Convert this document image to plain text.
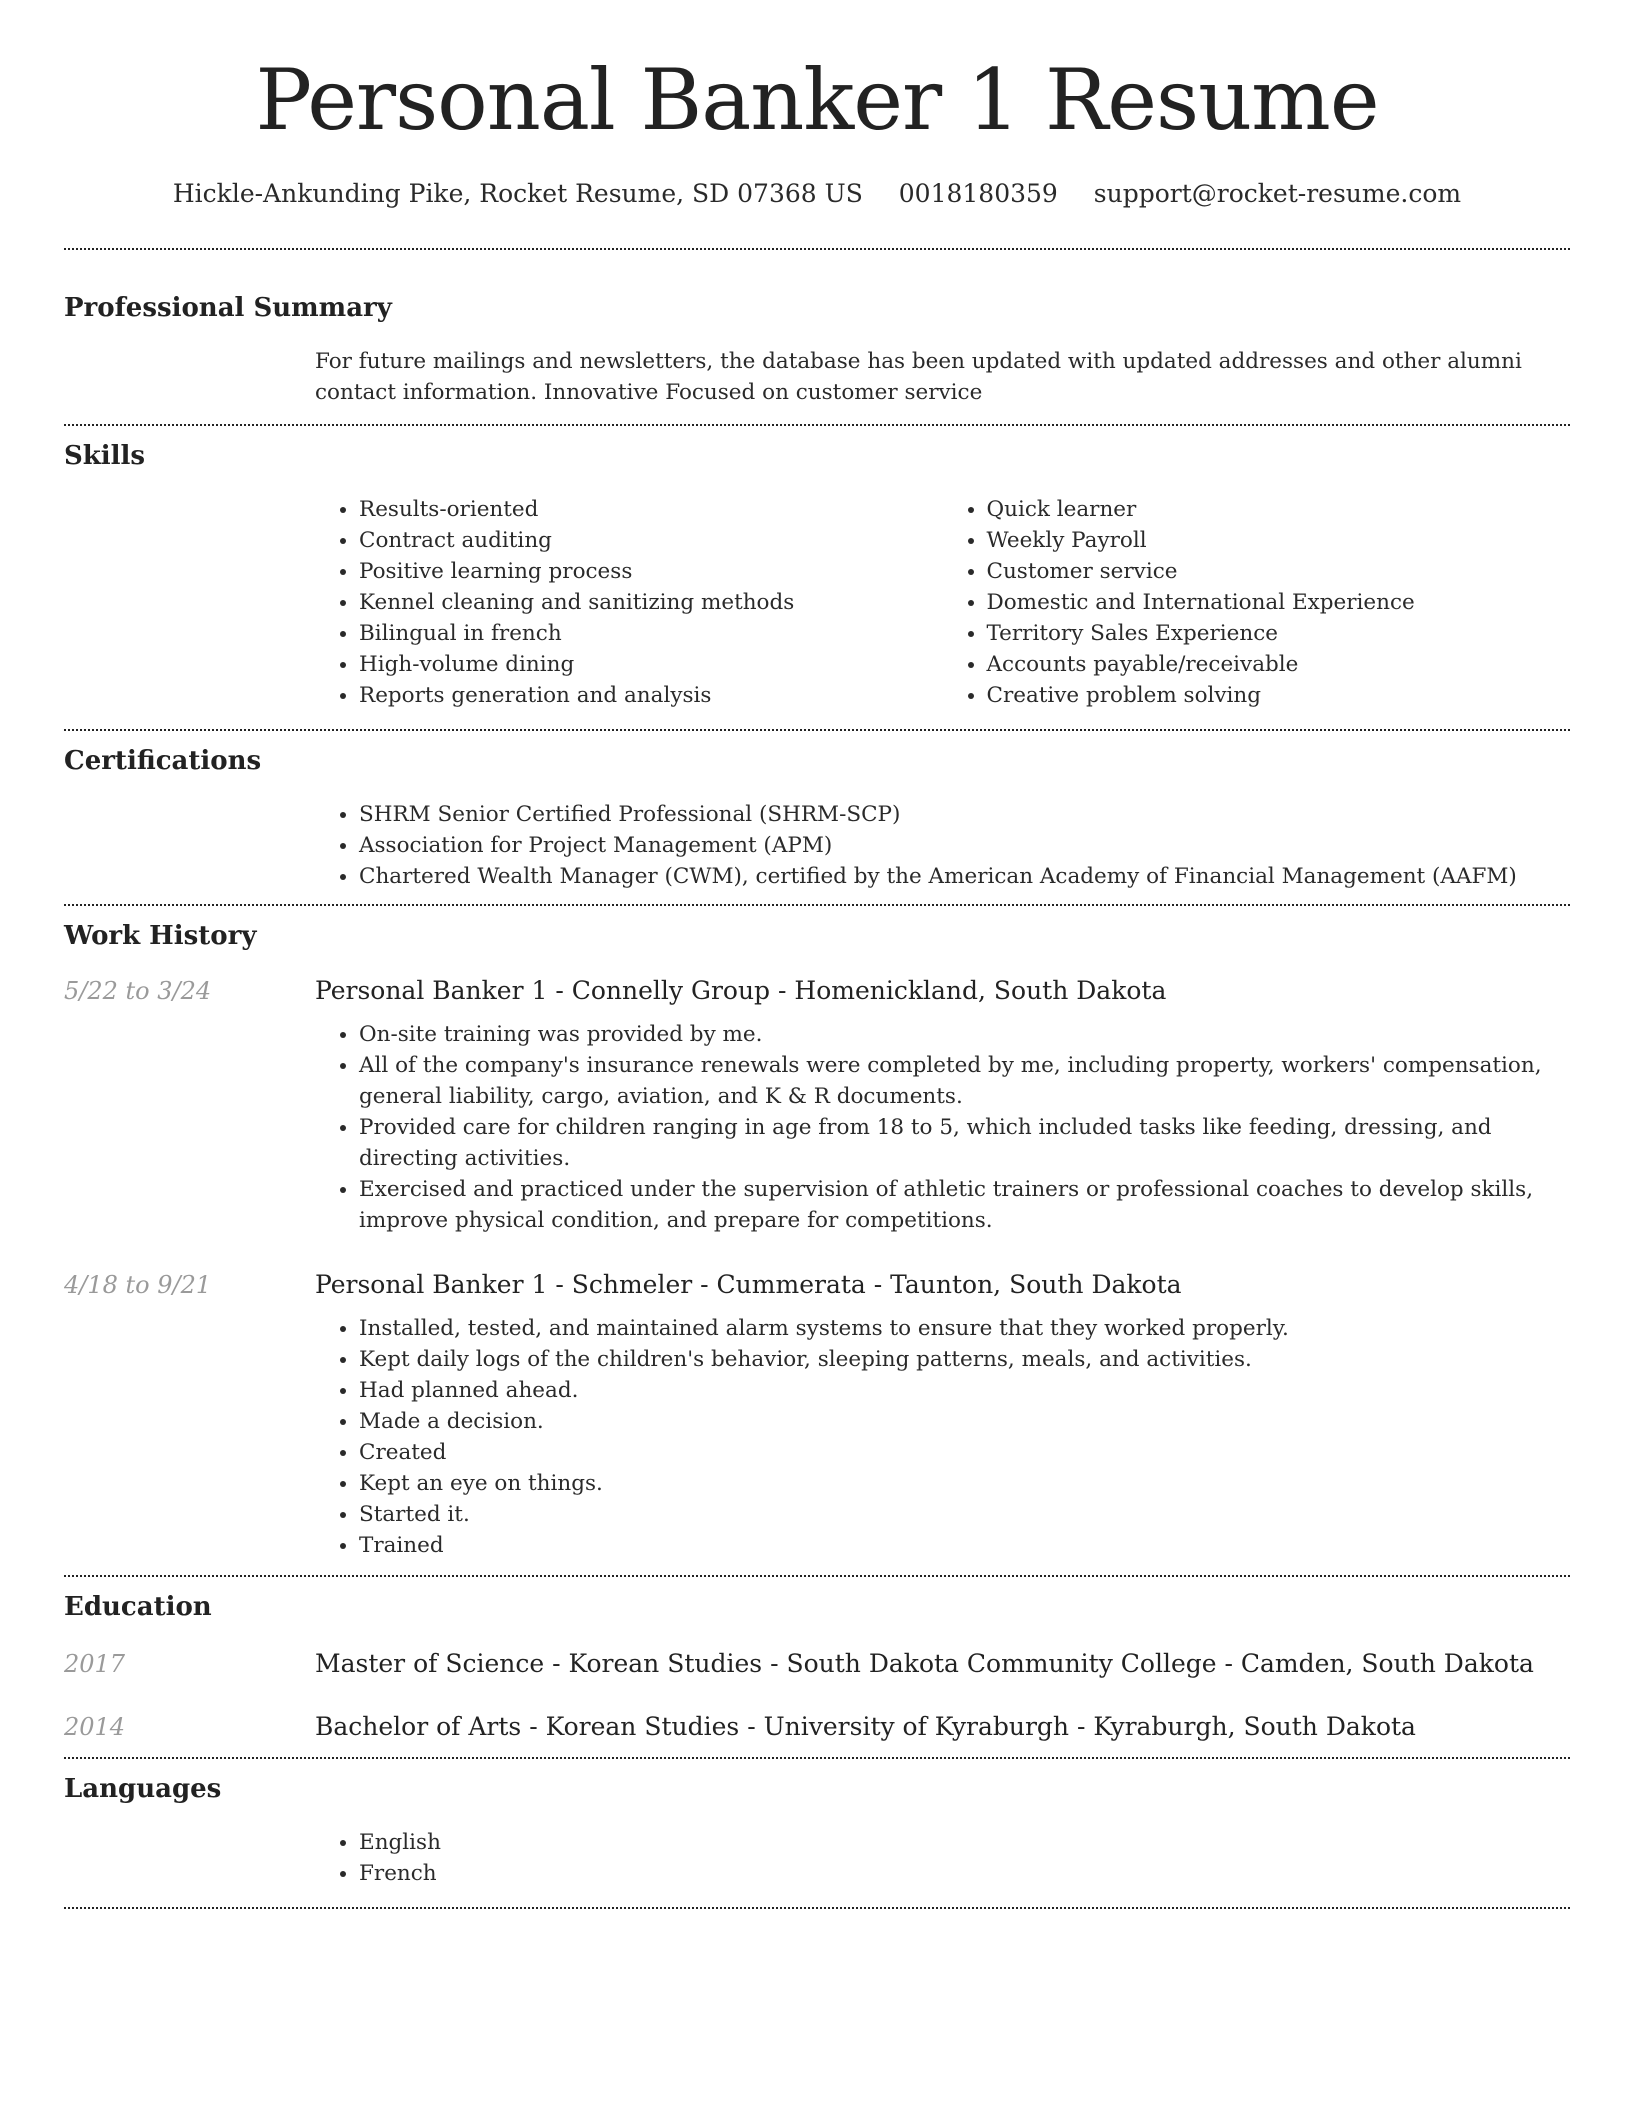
Personal Banker 1 Resume
Hickle-Ankunding Pike, Rocket Resume, SD 07368 US 0018180359 support@rocket-resume.com
Professional Summary
For future mailings and newsletters, the database has been updated with updated addresses and other alumni contact information. Innovative Focused on customer service
Skills
• Results-oriented
• Contract auditing
• Positive learning process
• Kennel cleaning and sanitizing methods
• Bilingual in french
• High-volume dining
• Reports generation and analysis
• Quick learner
• Weekly Payroll
• Customer service
• Domestic and International Experience
• Territory Sales Experience
• Accounts payable/receivable
• Creative problem solving
Certifications
• SHRM Senior Certified Professional (SHRM-SCP)
• Association for Project Management (APM)
• Chartered Wealth Manager (CWM), certified by the American Academy of Financial Management (AAFM)
Work History
5/22 to 3/24	Personal Banker 1 - Connelly Group - Homenickland, South Dakota
• On-site training was provided by me.
• All of the company's insurance renewals were completed by me, including property, workers' compensation, general liability, cargo, aviation, and K & R documents.
• Provided care for children ranging in age from 18 to 5, which included tasks like feeding, dressing, and directing activities.
• Exercised and practiced under the supervision of athletic trainers or professional coaches to develop skills, improve physical condition, and prepare for competitions.
4/18 to 9/21	Personal Banker 1 - Schmeler - Cummerata - Taunton, South Dakota
• Installed, tested, and maintained alarm systems to ensure that they worked properly.
• Kept daily logs of the children's behavior, sleeping patterns, meals, and activities.
• Had planned ahead.
• Made a decision.
• Created
• Kept an eye on things.
• Started it.
• Trained
Education
2017	Master of Science - Korean Studies - South Dakota Community College - Camden, South Dakota
2014	Bachelor of Arts - Korean Studies - University of Kyraburgh - Kyraburgh, South Dakota
Languages
• English
• French
